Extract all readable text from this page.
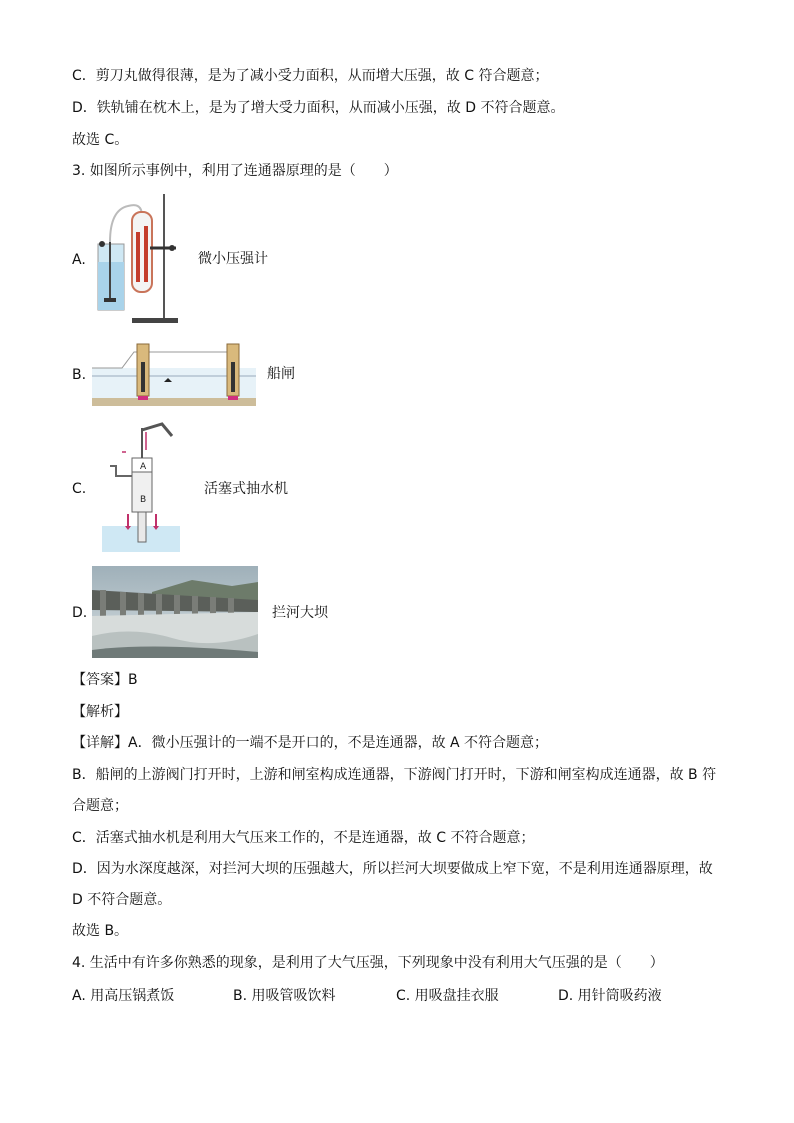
C．剪刀丸做得很薄，是为了减小受力面积，从而增大压强，故 C 符合题意；
D．铁轨铺在枕木上，是为了增大受力面积，从而减小压强，故 D 不符合题意。
故选 C。
3. 如图所示事例中，利用了连通器原理的是（　　）
A.	微小压强计
B.	船闸
C.
A
B
活塞式抽水机
D.	拦河大坝
【答案】B
【解析】
【详解】A．微小压强计的一端不是开口的，不是连通器，故 A 不符合题意；
B．船闸的上游阀门打开时，上游和闸室构成连通器，下游阀门打开时，下游和闸室构成连通器，故 B 符
合题意；
C．活塞式抽水机是利用大气压来工作的，不是连通器，故 C 不符合题意；
D．因为水深度越深，对拦河大坝的压强越大，所以拦河大坝要做成上窄下宽，不是利用连通器原理，故
D 不符合题意。
故选 B。
4. 生活中有许多你熟悉的现象，是利用了大气压强，下列现象中没有利用大气压强的是（　　）
A. 用高压锅煮饭	B. 用吸管吸饮料	C. 用吸盘挂衣服	D. 用针筒吸药液
